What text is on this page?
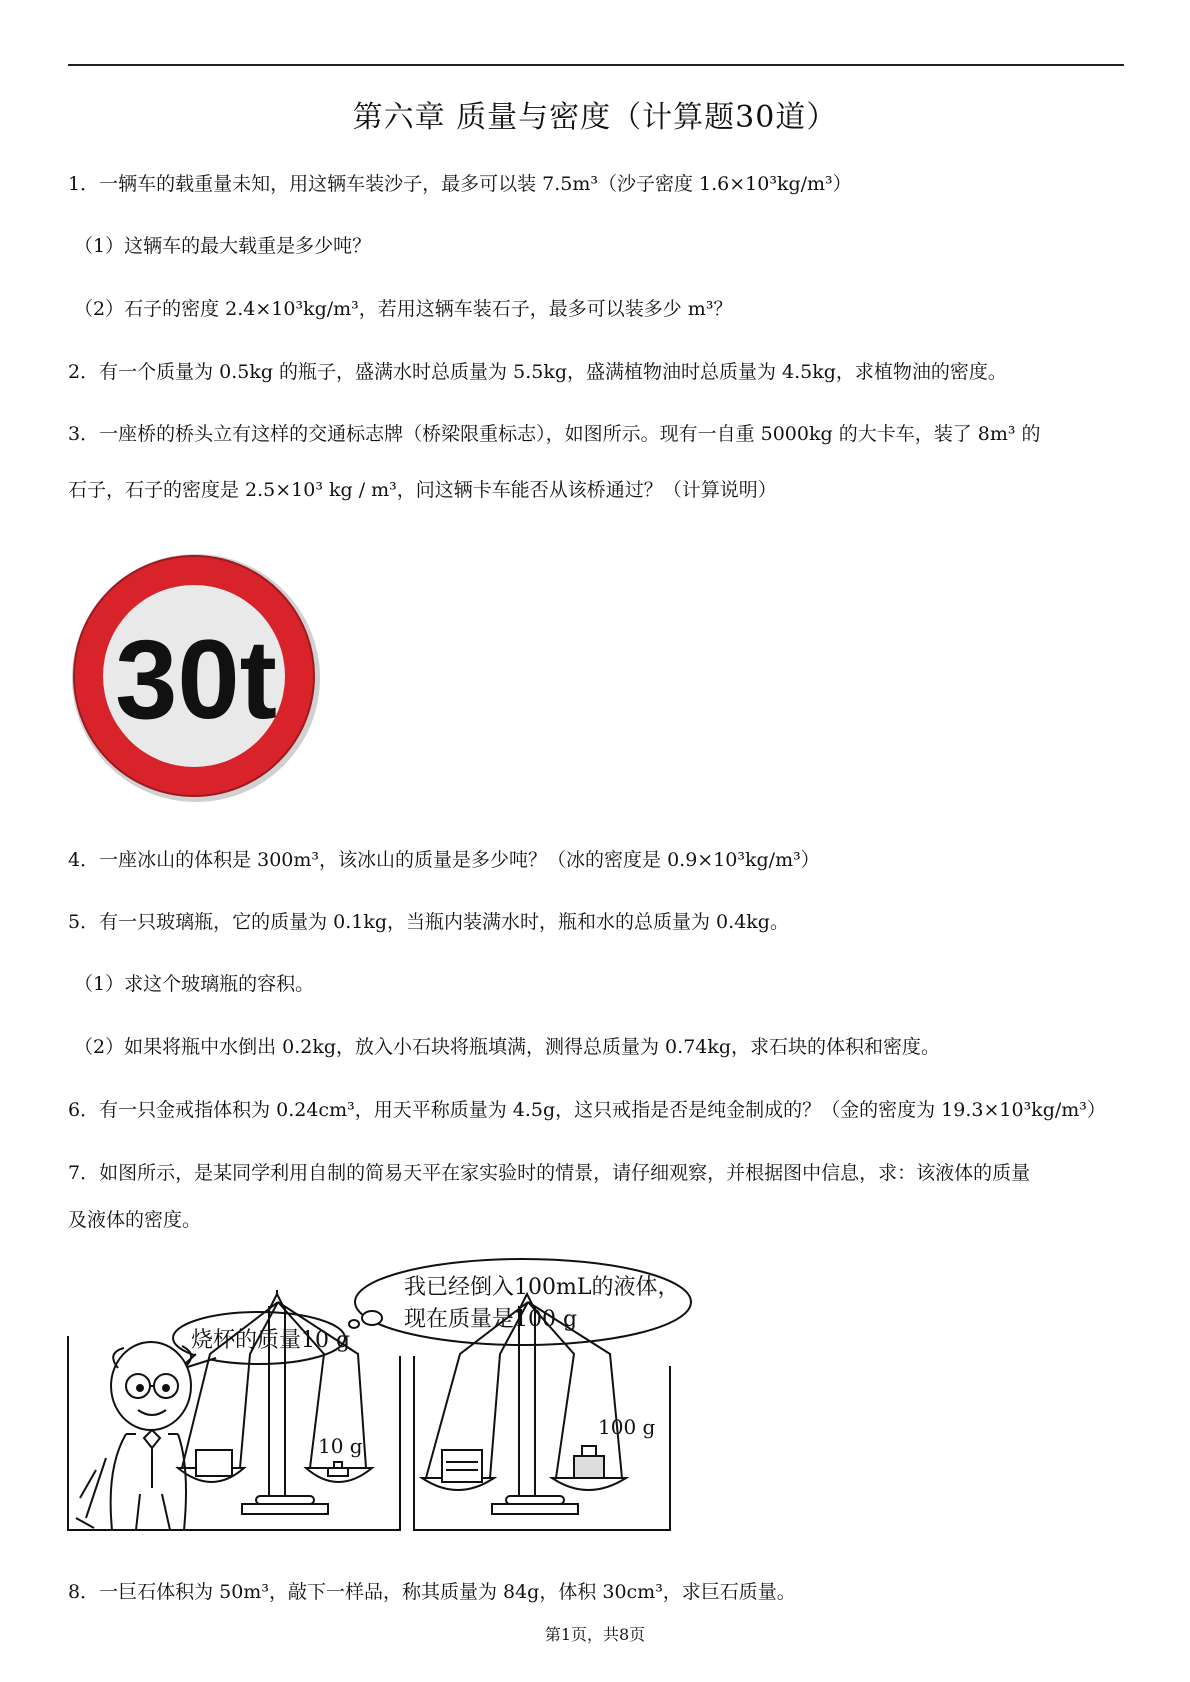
第六章 质量与密度（计算题30道）
1．一辆车的载重量未知，用这辆车装沙子，最多可以装 7.5m³（沙子密度 1.6×10³kg/m³）
（1）这辆车的最大载重是多少吨？
（2）石子的密度 2.4×10³kg/m³，若用这辆车装石子，最多可以装多少 m³？
2．有一个质量为 0.5kg 的瓶子，盛满水时总质量为 5.5kg，盛满植物油时总质量为 4.5kg，求植物油的密度。
3．一座桥的桥头立有这样的交通标志牌（桥梁限重标志），如图所示。现有一自重 5000kg 的大卡车，装了 8m³ 的
石子，石子的密度是 2.5×10³ kg / m³，问这辆卡车能否从该桥通过？（计算说明）
30t
4．一座冰山的体积是 300m³，该冰山的质量是多少吨？（冰的密度是 0.9×10³kg/m³）
5．有一只玻璃瓶，它的质量为 0.1kg，当瓶内装满水时，瓶和水的总质量为 0.4kg。
（1）求这个玻璃瓶的容积。
（2）如果将瓶中水倒出 0.2kg，放入小石块将瓶填满，测得总质量为 0.74kg，求石块的体积和密度。
6．有一只金戒指体积为 0.24cm³，用天平称质量为 4.5g，这只戒指是否是纯金制成的？（金的密度为 19.3×10³kg/m³）
7．如图所示，是某同学利用自制的简易天平在家实验时的情景，请仔细观察，并根据图中信息，求：该液体的质量
及液体的密度。
烧杯的质量10 g
我已经倒入100mL的液体，
现在质量是100 g
10 g
100 g
8．一巨石体积为 50m³，敲下一样品，称其质量为 84g，体积 30cm³，求巨石质量。
第1页，共8页
